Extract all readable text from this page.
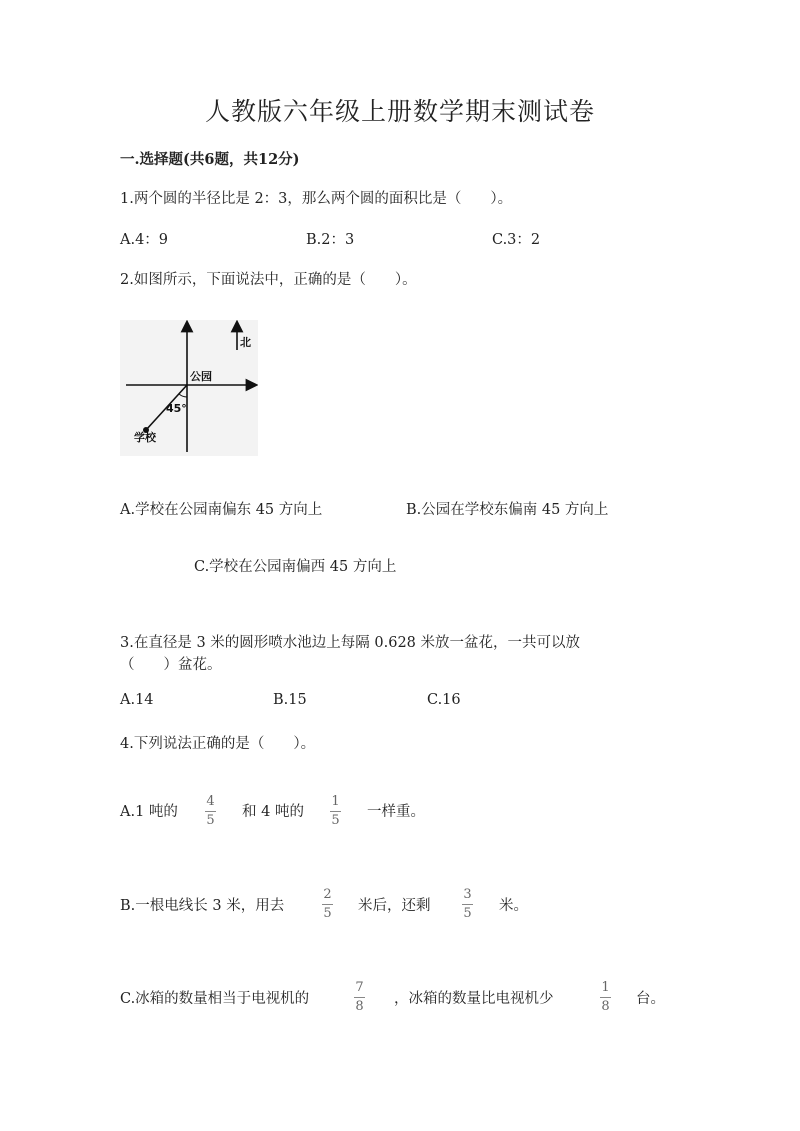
人教版六年级上册数学期末测试卷
一.选择题(共6题，共12分)
1.两个圆的半径比是 2：3，那么两个圆的面积比是（　　）。
A.4：9	B.2：3	C.3：2
2.如图所示，下面说法中，正确的是（　　）。
北
公园
45°
学校
A.学校在公园南偏东 45 方向上	B.公园在学校东偏南 45 方向上
C.学校在公园南偏西 45 方向上
3.在直径是 3 米的圆形喷水池边上每隔 0.628 米放一盆花，一共可以放
（　　）盆花。
A.14	B.15	C.16
4.下列说法正确的是（　　）。
A.1 吨的 $\frac{4}{5}$ 和 4 吨的 $\frac{1}{5}$ 一样重。
B.一根电线长 3 米，用去	$\frac{2}{5}$ 米后，还剩 $\frac{3}{5}$ 米。
C.冰箱的数量相当于电视机的	$\frac{7}{8}$ ，冰箱的数量比电视机少	$\frac{1}{8}$ 台。
